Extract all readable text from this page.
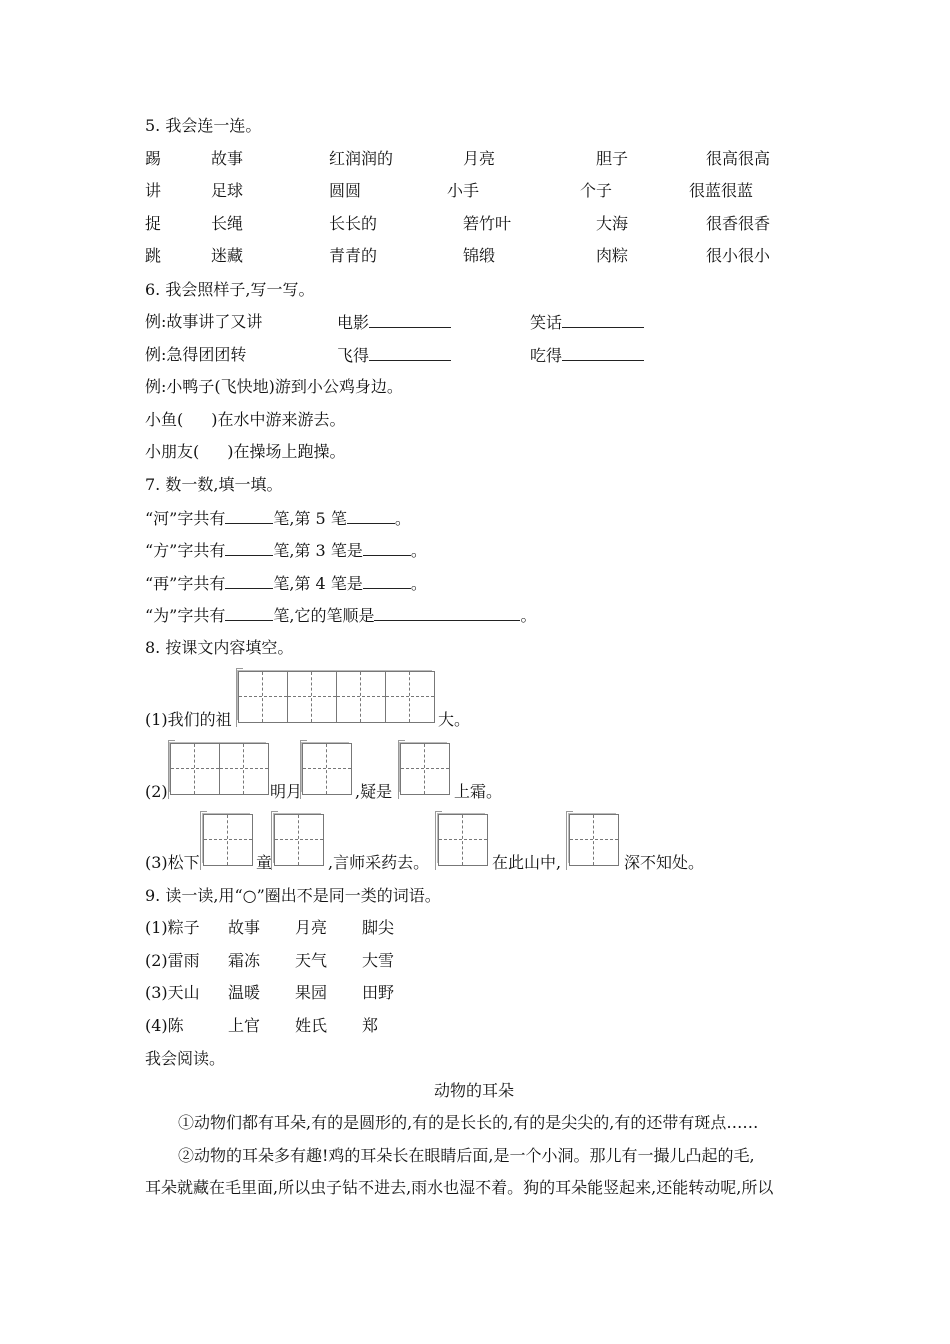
5. 我会连一连。
踢	故事	红润润的	月亮	胆子	很高很高
讲	足球	圆圆	小手	个子	很蓝很蓝
捉	长绳	长长的	箬竹叶	大海	很香很香
跳	迷藏	青青的	锦缎	肉粽	很小很小
6. 我会照样子,写一写。
例:故事讲了又讲	电影	笑话
例:急得团团转	飞得	吃得
例:小鸭子(飞快地)游到小公鸡身边。
小鱼( )在水中游来游去。
小朋友( )在操场上跑操。
7. 数一数,填一填。
“河”字共有	笔,第 5 笔	。
“方”字共有	笔,第 3 笔是	。
“再”字共有	笔,第 4 笔是	。
“为”字共有	笔,它的笔顺是	。
8. 按课文内容填空。
(1)我们的祖	大。
(2)	明月	,疑是	上霜。
(3)松下	童	,言师采药去。	在此山中,	深不知处。
9. 读一读,用“○”圈出不是同一类的词语。
(1)粽子 故事 月亮 脚尖
(2)雷雨 霜冻 天气 大雪
(3)天山 温暖 果园 田野
(4)陈	上官 姓氏 郑
我会阅读。
动物的耳朵
①动物们都有耳朵,有的是圆形的,有的是长长的,有的是尖尖的,有的还带有斑点……
②动物的耳朵多有趣!鸡的耳朵长在眼睛后面,是一个小洞。那儿有一撮儿凸起的毛,
耳朵就藏在毛里面,所以虫子钻不进去,雨水也湿不着。狗的耳朵能竖起来,还能转动呢,所以
